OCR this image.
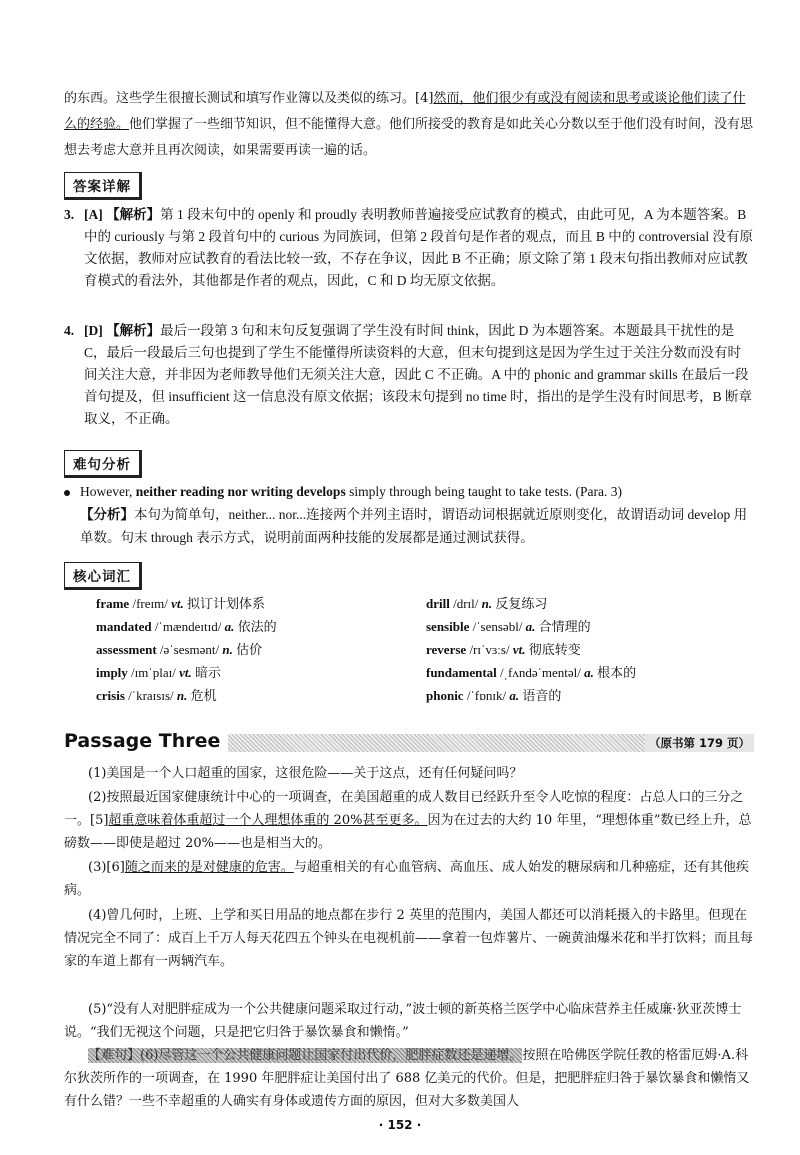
的东西。这些学生很擅长测试和填写作业簿以及类似的练习。[4]然而，他们很少有或没有阅读和思考或谈论他们读了什么的经验。他们掌握了一些细节知识，但不能懂得大意。他们所接受的教育是如此关心分数以至于他们没有时间，没有思想去考虑大意并且再次阅读，如果需要再读一遍的话。
答案详解
3. [A] 【解析】第 1 段末句中的 openly 和 proudly 表明教师普遍接受应试教育的模式，由此可见，A 为本题答案。B 中的 curiously 与第 2 段首句中的 curious 为同族词，但第 2 段首句是作者的观点，而且 B 中的 controversial 没有原文依据，教师对应试教育的看法比较一致，不存在争议，因此 B 不正确；原文除了第 1 段末句指出教师对应试教育模式的看法外，其他都是作者的观点，因此，C 和 D 均无原文依据。
4. [D] 【解析】最后一段第 3 句和末句反复强调了学生没有时间 think，因此 D 为本题答案。本题最具干扰性的是 C，最后一段最后三句也提到了学生不能懂得所读资料的大意，但末句提到这是因为学生过于关注分数而没有时间关注大意，并非因为老师教导他们无须关注大意，因此 C 不正确。A 中的 phonic and grammar skills 在最后一段首句提及，但 insufficient 这一信息没有原文依据；该段末句提到 no time 时，指出的是学生没有时间思考，B 断章取义，不正确。
难句分析
However, neither reading nor writing develops simply through being taught to take tests. (Para. 3)
【分析】本句为简单句，neither... nor...连接两个并列主语时，谓语动词根据就近原则变化，故谓语动词 develop 用单数。句末 through 表示方式，说明前面两种技能的发展都是通过测试获得。
核心词汇
frame /freɪm/ vt. 拟订计划体系
mandated /ˈmændeɪtɪd/ a. 依法的
assessment /əˈsesmənt/ n. 估价
imply /ɪmˈplaɪ/ vt. 暗示
crisis /ˈkraɪsɪs/ n. 危机
drill /drɪl/ n. 反复练习
sensible /ˈsensəbl/ a. 合情理的
reverse /rɪˈvɜːs/ vt. 彻底转变
fundamental /ˌfʌndəˈmentəl/ a. 根本的
phonic /ˈfɒnɪk/ a. 语音的
Passage Three	（原书第 179 页）
(1)美国是一个人口超重的国家，这很危险——关于这点，还有任何疑问吗？
(2)按照最近国家健康统计中心的一项调查，在美国超重的成人数目已经跃升至令人吃惊的程度：占总人口的三分之一。[5]超重意味着体重超过一个人理想体重的 20%甚至更多。因为在过去的大约 10 年里，“理想体重”数已经上升，总磅数——即使是超过 20%——也是相当大的。
(3)[6]随之而来的是对健康的危害。与超重相关的有心血管病、高血压、成人始发的糖尿病和几种癌症，还有其他疾病。
(4)曾几何时，上班、上学和买日用品的地点都在步行 2 英里的范围内，美国人都还可以消耗摄入的卡路里。但现在情况完全不同了：成百上千万人每天花四五个钟头在电视机前——拿着一包炸薯片、一碗黄油爆米花和半打饮料；而且每家的车道上都有一两辆汽车。
(5)“没有人对肥胖症成为一个公共健康问题采取过行动，”波士顿的新英格兰医学中心临床营养主任威廉·狄亚茨博士说。“我们无视这个问题，只是把它归咎于暴饮暴食和懒惰。”
【难句】(6)尽管这一个公共健康问题让国家付出代价，肥胖症数还是递增。按照在哈佛医学院任教的格雷厄姆·A.科尔狄茨所作的一项调查，在 1990 年肥胖症让美国付出了 688 亿美元的代价。但是，把肥胖症归咎于暴饮暴食和懒惰又有什么错？一些不幸超重的人确实有身体或遗传方面的原因，但对大多数美国人
· 152 ·
